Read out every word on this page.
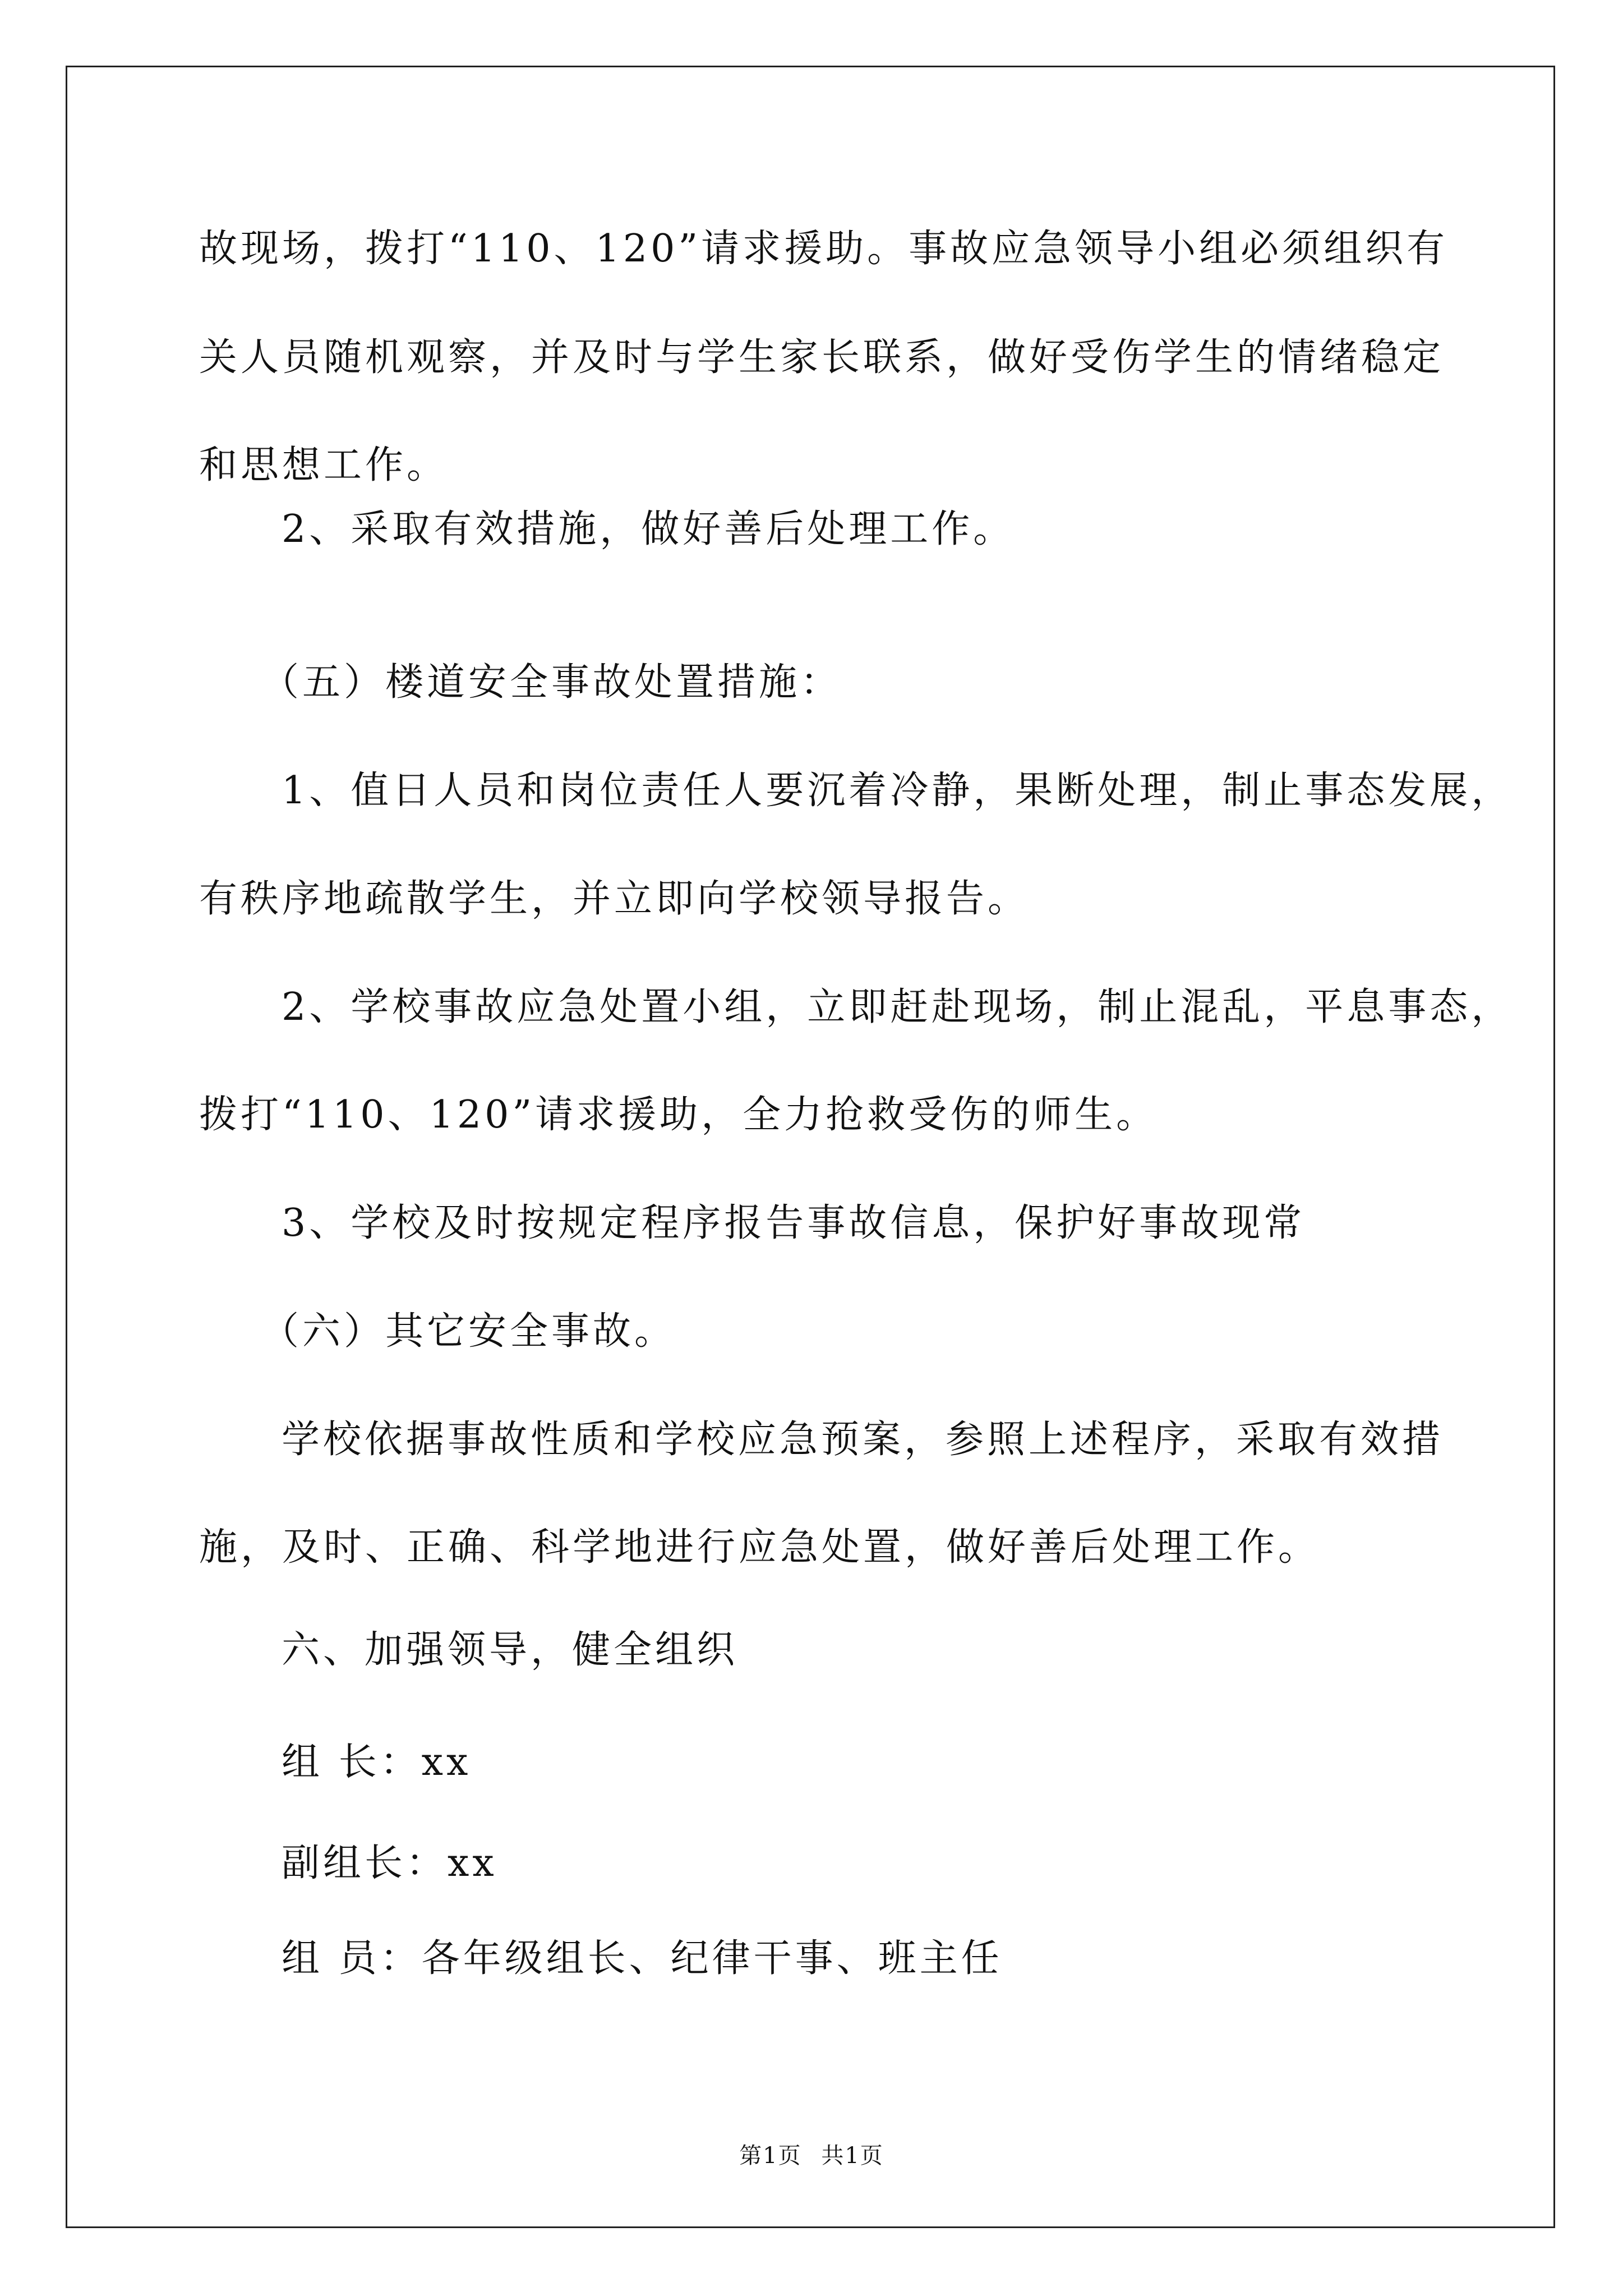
故现场，拨打“110、120”请求援助。事故应急领导小组必须组织有
关人员随机观察，并及时与学生家长联系，做好受伤学生的情绪稳定
和思想工作。
2、采取有效措施，做好善后处理工作。
（五）楼道安全事故处置措施：
1、值日人员和岗位责任人要沉着冷静，果断处理，制止事态发展，
有秩序地疏散学生，并立即向学校领导报告。
2、学校事故应急处置小组，立即赶赴现场，制止混乱，平息事态，
拨打“110、120”请求援助，全力抢救受伤的师生。
3、学校及时按规定程序报告事故信息，保护好事故现常
（六）其它安全事故。
学校依据事故性质和学校应急预案，参照上述程序，采取有效措
施，及时、正确、科学地进行应急处置，做好善后处理工作。
六、加强领导，健全组织
组 长：xx
副组长：xx
组 员：各年级组长、纪律干事、班主任
第1页 共1页
